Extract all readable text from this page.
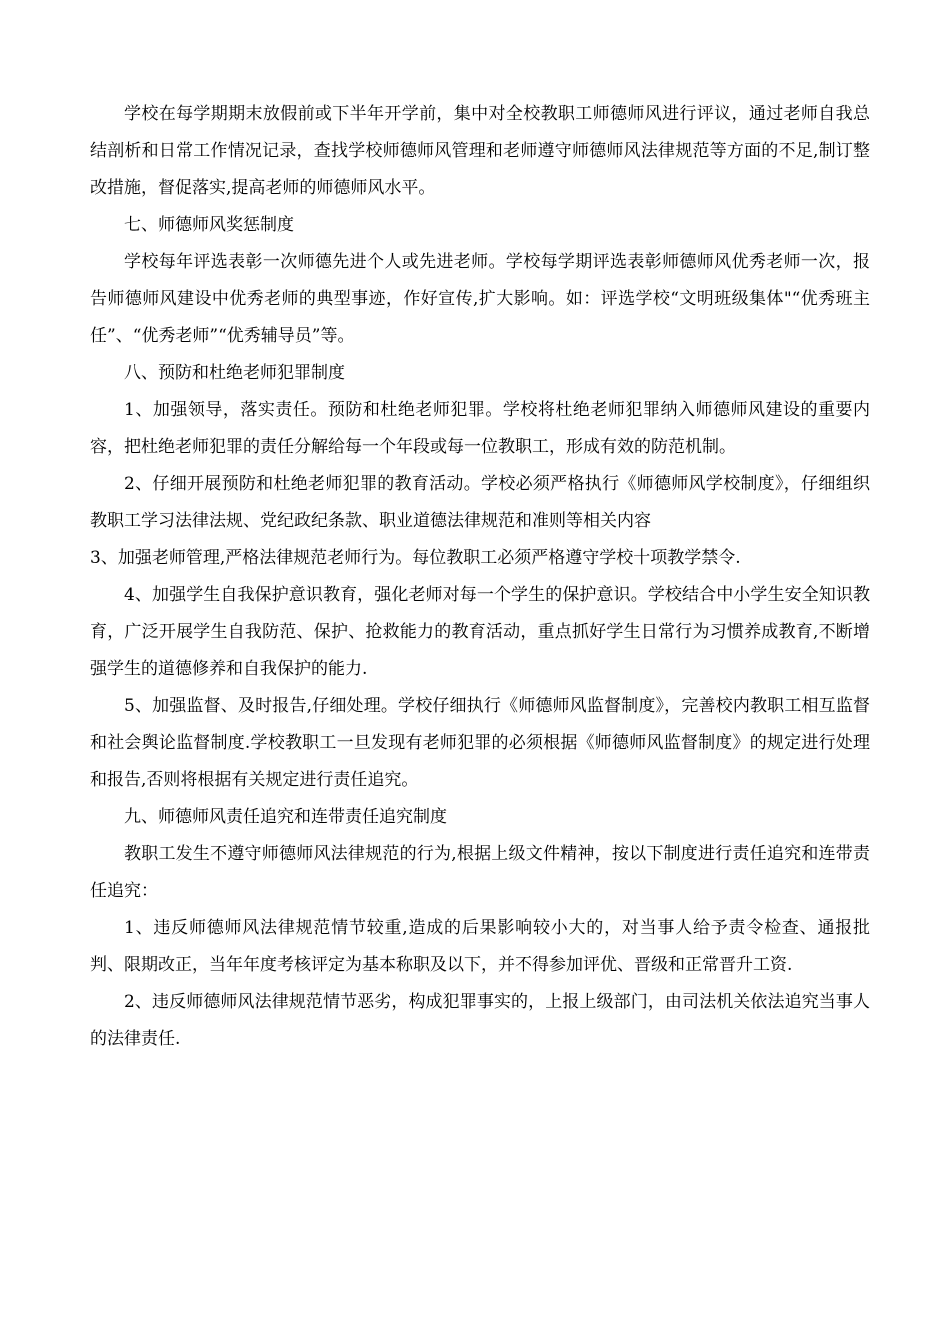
学校在每学期期末放假前或下半年开学前，集中对全校教职工师德师风进行评议，通过老师自我总结剖析和日常工作情况记录，查找学校师德师风管理和老师遵守师德师风法律规范等方面的不足,制订整改措施，督促落实,提高老师的师德师风水平。

七、师德师风奖惩制度

学校每年评选表彰一次师德先进个人或先进老师。学校每学期评选表彰师德师风优秀老师一次，报告师德师风建设中优秀老师的典型事迹，作好宣传,扩大影响。如：评选学校“文明班级集体"“优秀班主任”、“优秀老师”“优秀辅导员”等。

八、预防和杜绝老师犯罪制度

1、加强领导，落实责任。预防和杜绝老师犯罪。学校将杜绝老师犯罪纳入师德师风建设的重要内容，把杜绝老师犯罪的责任分解给每一个年段或每一位教职工，形成有效的防范机制。

2、仔细开展预防和杜绝老师犯罪的教育活动。学校必须严格执行《师德师风学校制度》，仔细组织教职工学习法律法规、党纪政纪条款、职业道德法律规范和准则等相关内容

3、加强老师管理,严格法律规范老师行为。每位教职工必须严格遵守学校十项教学禁令.

4、加强学生自我保护意识教育，强化老师对每一个学生的保护意识。学校结合中小学生安全知识教育，广泛开展学生自我防范、保护、抢救能力的教育活动，重点抓好学生日常行为习惯养成教育,不断增强学生的道德修养和自我保护的能力.

5、加强监督、及时报告,仔细处理。学校仔细执行《师德师风监督制度》，完善校内教职工相互监督和社会舆论监督制度.学校教职工一旦发现有老师犯罪的必须根据《师德师风监督制度》的规定进行处理和报告,否则将根据有关规定进行责任追究。

九、师德师风责任追究和连带责任追究制度

教职工发生不遵守师德师风法律规范的行为,根据上级文件精神，按以下制度进行责任追究和连带责任追究：

1、违反师德师风法律规范情节较重,造成的后果影响较小大的，对当事人给予责令检查、通报批判、限期改正，当年年度考核评定为基本称职及以下，并不得参加评优、晋级和正常晋升工资.

2、违反师德师风法律规范情节恶劣，构成犯罪事实的，上报上级部门，由司法机关依法追究当事人的法律责任.
